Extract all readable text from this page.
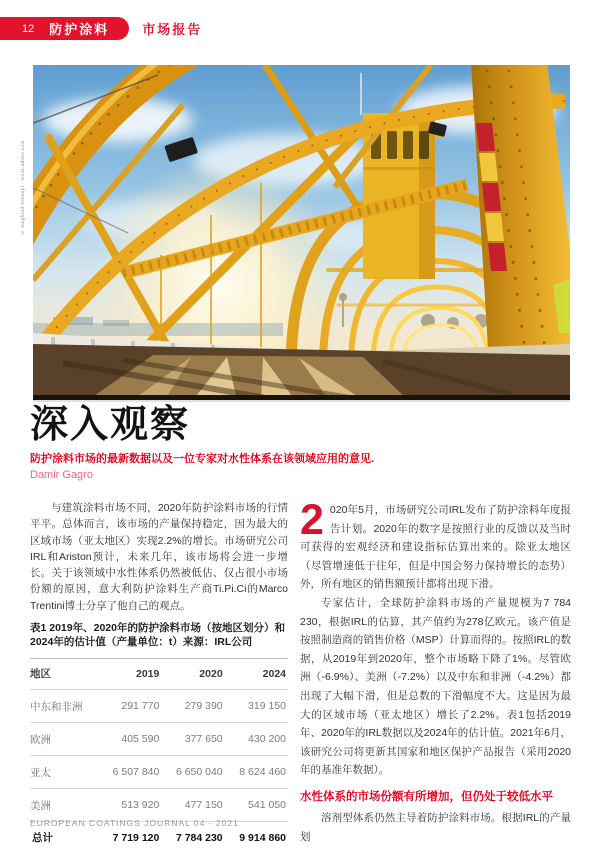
12 防护涂料	市场报告
© Siegfried Schnepf - stock.adobe.com
深入观察

防护涂料市场的最新数据以及一位专家对水性体系在该领域应用的意见.

Damir Gagro

与建筑涂料市场不同，2020年防护涂料市场的行情平平。总体而言，该市场的产量保持稳定，因为最大的区域市场（亚太地区）实现2.2%的增长。市场研究公司IRL和Ariston预计，未来几年，该市场将会进一步增长。关于该领域中水性体系仍然被低估、仅占很小市场份额的原因，意大利防护涂料生产商Ti.Pi.Ci的Marco Trentini博士分享了他自己的观点。

表1 2019年、2020年的防护涂料市场（按地区划分）和2024年的估计值（产量单位：t）来源：IRL公司

地区	2019	2020	2024
中东和非洲	291 770	279 390	319 150
欧洲	405 590	377 650	430 200
亚太	6 507 840	6 650 040	8 624 460
美洲	513 920	477 150	541 050
总计	7 719 120	7 784 230	9 914 860

2 020年5月，市场研究公司IRL发布了防护涂料年度报告计划。2020年的数字是按照行业的反馈以及当时可获得的宏观经济和建设指标估算出来的。除亚太地区（尽管增速低于往年，但是中国会努力保持增长的态势）外，所有地区的销售额预计都将出现下滑。

专家估计，全球防护涂料市场的产量规模为7 784 230，根据IRL的估算，其产值约为278亿欧元。该产值是按照制造商的销售价格（MSP）计算而得的。按照IRL的数据，从2019年到2020年，整个市场略下降了1%。尽管欧洲（-6.9%）、美洲（-7.2%）以及中东和非洲（-4.2%）都出现了大幅下滑，但是总数的下滑幅度不大。这是因为最大的区域市场（亚太地区）增长了2.2%。表1包括2019年、2020年的IRL数据以及2024年的估计值。2021年6月，该研究公司将更新其国家和地区保护产品报告（采用2020年的基准年数据）。

水性体系的市场份额有所增加，但仍处于较低水平

溶剂型体系仍然主导着防护涂料市场。根据IRL的产量划

EUROPEAN COATINGS JOURNAL 04 - 2021
